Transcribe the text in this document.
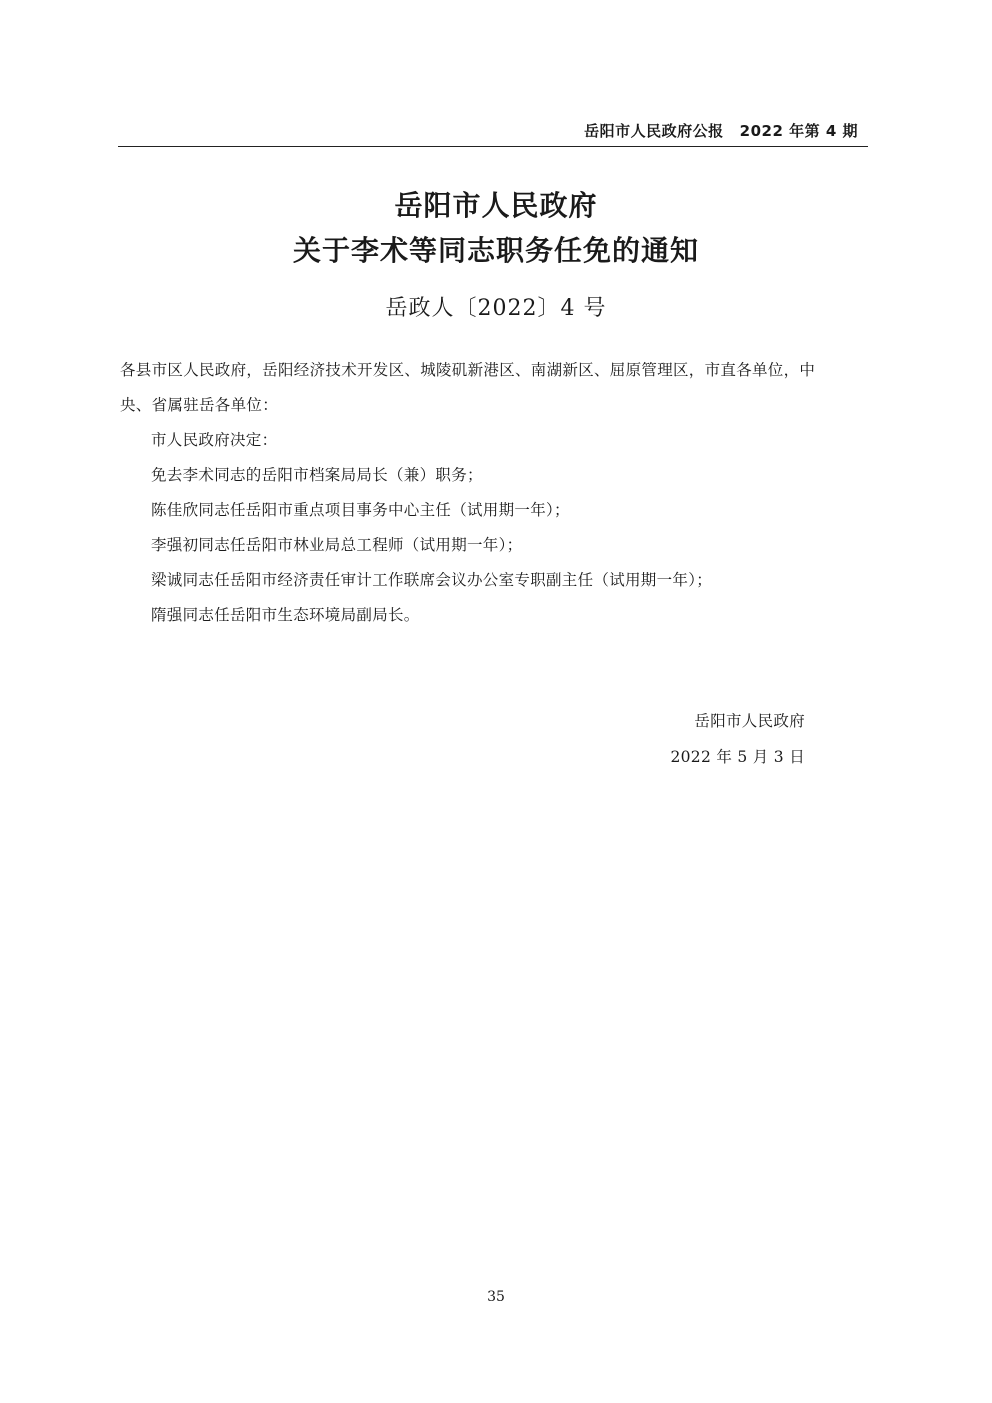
岳阳市人民政府公报 2022 年第 4 期
岳阳市人民政府
关于李术等同志职务任免的通知
岳政人〔2022〕4 号

各县市区人民政府，岳阳经济技术开发区、城陵矶新港区、南湖新区、屈原管理区，市直各单位，中

央、省属驻岳各单位：

市人民政府决定：

免去李术同志的岳阳市档案局局长（兼）职务；

陈佳欣同志任岳阳市重点项目事务中心主任（试用期一年）；

李强初同志任岳阳市林业局总工程师（试用期一年）；

梁诚同志任岳阳市经济责任审计工作联席会议办公室专职副主任（试用期一年）；

隋强同志任岳阳市生态环境局副局长。

岳阳市人民政府
2022 年 5 月 3 日
35
